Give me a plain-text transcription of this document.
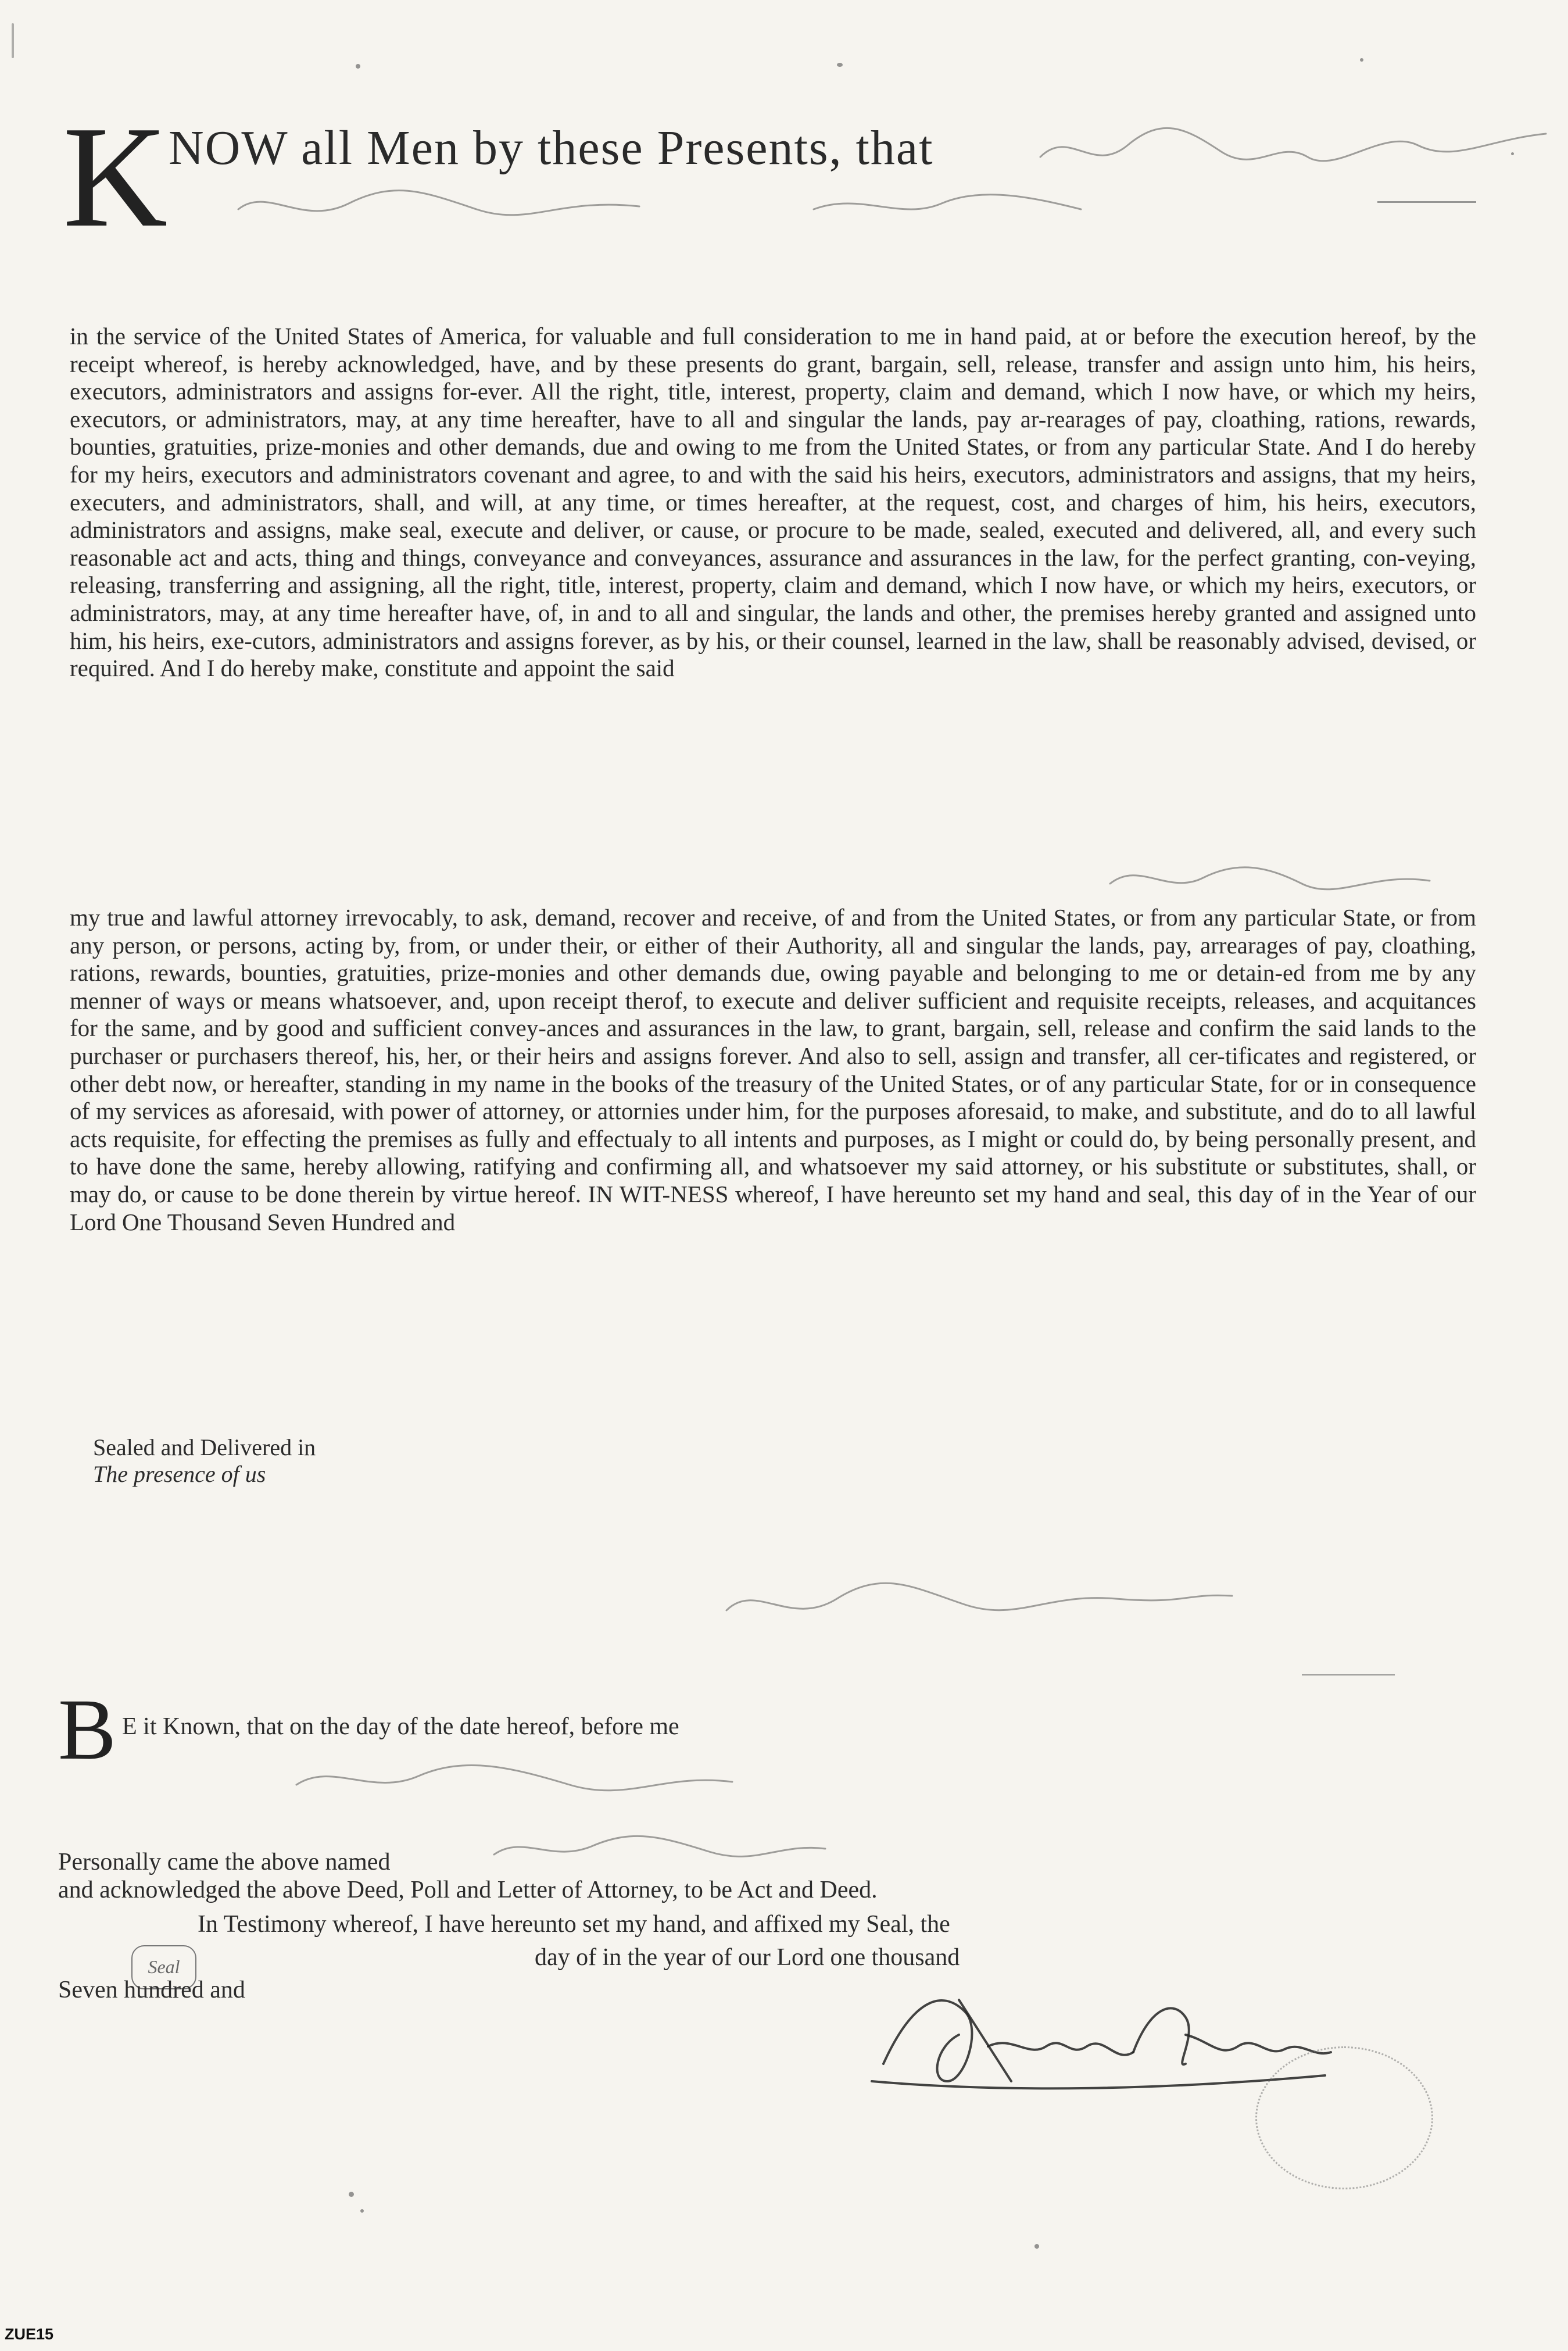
K NOW all Men by these Presents, that
in the service of the United States of America, for valuable and full consideration to me in hand paid, at or before the execution hereof, by the receipt whereof, is hereby acknowledged, have, and by these presents do grant, bargain, sell, release, transfer and assign unto him, his heirs, executors, administrators and assigns for-ever. All the right, title, interest, property, claim and demand, which I now have, or which my heirs, executors, or administrators, may, at any time hereafter, have to all and singular the lands, pay ar-rearages of pay, cloathing, rations, rewards, bounties, gratuities, prize-monies and other demands, due and owing to me from the United States, or from any particular State. And I do hereby for my heirs, executors and administrators covenant and agree, to and with the said his heirs, executors, administrators and assigns, that my heirs, executers, and administrators, shall, and will, at any time, or times hereafter, at the request, cost, and charges of him, his heirs, executors, administrators and assigns, make seal, execute and deliver, or cause, or procure to be made, sealed, executed and delivered, all, and every such reasonable act and acts, thing and things, conveyance and conveyances, assurance and assurances in the law, for the perfect granting, con-veying, releasing, transferring and assigning, all the right, title, interest, property, claim and demand, which I now have, or which my heirs, executors, or administrators, may, at any time hereafter have, of, in and to all and singular, the lands and other, the premises hereby granted and assigned unto him, his heirs, exe-cutors, administrators and assigns forever, as by his, or their counsel, learned in the law, shall be reasonably advised, devised, or required. And I do hereby make, constitute and appoint the said
my true and lawful attorney irrevocably, to ask, demand, recover and receive, of and from the United States, or from any particular State, or from any person, or persons, acting by, from, or under their, or either of their Authority, all and singular the lands, pay, arrearages of pay, cloathing, rations, rewards, bounties, gratuities, prize-monies and other demands due, owing payable and belonging to me or detain-ed from me by any menner of ways or means whatsoever, and, upon receipt therof, to execute and deliver sufficient and requisite receipts, releases, and acquitances for the same, and by good and sufficient convey-ances and assurances in the law, to grant, bargain, sell, release and confirm the said lands to the purchaser or purchasers thereof, his, her, or their heirs and assigns forever. And also to sell, assign and transfer, all cer-tificates and registered, or other debt now, or hereafter, standing in my name in the books of the treasury of the United States, or of any particular State, for or in consequence of my services as aforesaid, with power of attorney, or attornies under him, for the purposes aforesaid, to make, and substitute, and do to all lawful acts requisite, for effecting the premises as fully and effectualy to all intents and purposes, as I might or could do, by being personally present, and to have done the same, hereby allowing, ratifying and confirming all, and whatsoever my said attorney, or his substitute or substitutes, shall, or may do, or cause to be done therein by virtue hereof. IN WIT-NESS whereof, I have hereunto set my hand and seal, this day of in the Year of our Lord One Thousand Seven Hundred and
Sealed and Delivered in
The presence of us
B E it Known, that on the day of the date hereof, before me
Personally came the above named
and acknowledged the above Deed, Poll and Letter of Attorney, to be Act and Deed.
Seal
In Testimony whereof, I have hereunto set my hand, and affixed my Seal, the
day of in the year of our Lord one thousand
Seven hundred and
ZUE15
